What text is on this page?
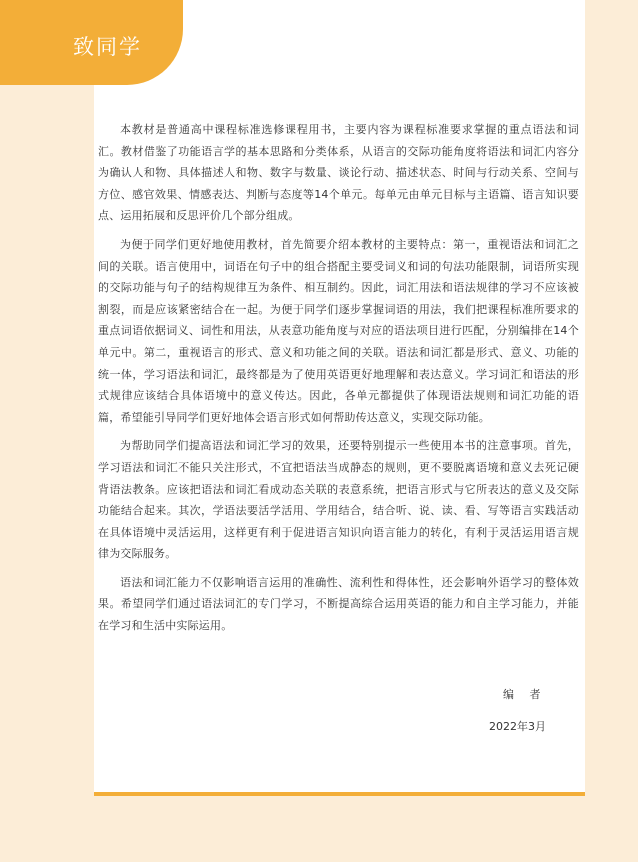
致同学

本教材是普通高中课程标准选修课程用书，主要内容为课程标准要求掌握的重点语法和词汇。教材借鉴了功能语言学的基本思路和分类体系，从语言的交际功能角度将语法和词汇内容分为确认人和物、具体描述人和物、数字与数量、谈论行动、描述状态、时间与行动关系、空间与方位、感官效果、情感表达、判断与态度等14个单元。每单元由单元目标与主语篇、语言知识要点、运用拓展和反思评价几个部分组成。

为便于同学们更好地使用教材，首先简要介绍本教材的主要特点：第一，重视语法和词汇之间的关联。语言使用中，词语在句子中的组合搭配主要受词义和词的句法功能限制，词语所实现的交际功能与句子的结构规律互为条件、相互制约。因此，词汇用法和语法规律的学习不应该被割裂，而是应该紧密结合在一起。为便于同学们逐步掌握词语的用法，我们把课程标准所要求的重点词语依据词义、词性和用法，从表意功能角度与对应的语法项目进行匹配，分别编排在14个单元中。第二，重视语言的形式、意义和功能之间的关联。语法和词汇都是形式、意义、功能的统一体，学习语法和词汇，最终都是为了使用英语更好地理解和表达意义。学习词汇和语法的形式规律应该结合具体语境中的意义传达。因此，各单元都提供了体现语法规则和词汇功能的语篇，希望能引导同学们更好地体会语言形式如何帮助传达意义，实现交际功能。

为帮助同学们提高语法和词汇学习的效果，还要特别提示一些使用本书的注意事项。首先，学习语法和词汇不能只关注形式，不宜把语法当成静态的规则，更不要脱离语境和意义去死记硬背语法教条。应该把语法和词汇看成动态关联的表意系统，把语言形式与它所表达的意义及交际功能结合起来。其次，学语法要活学活用、学用结合，结合听、说、读、看、写等语言实践活动在具体语境中灵活运用，这样更有利于促进语言知识向语言能力的转化，有利于灵活运用语言规律为交际服务。

语法和词汇能力不仅影响语言运用的准确性、流利性和得体性，还会影响外语学习的整体效果。希望同学们通过语法词汇的专门学习，不断提高综合运用英语的能力和自主学习能力，并能在学习和生活中实际运用。

编 者
2022年3月
